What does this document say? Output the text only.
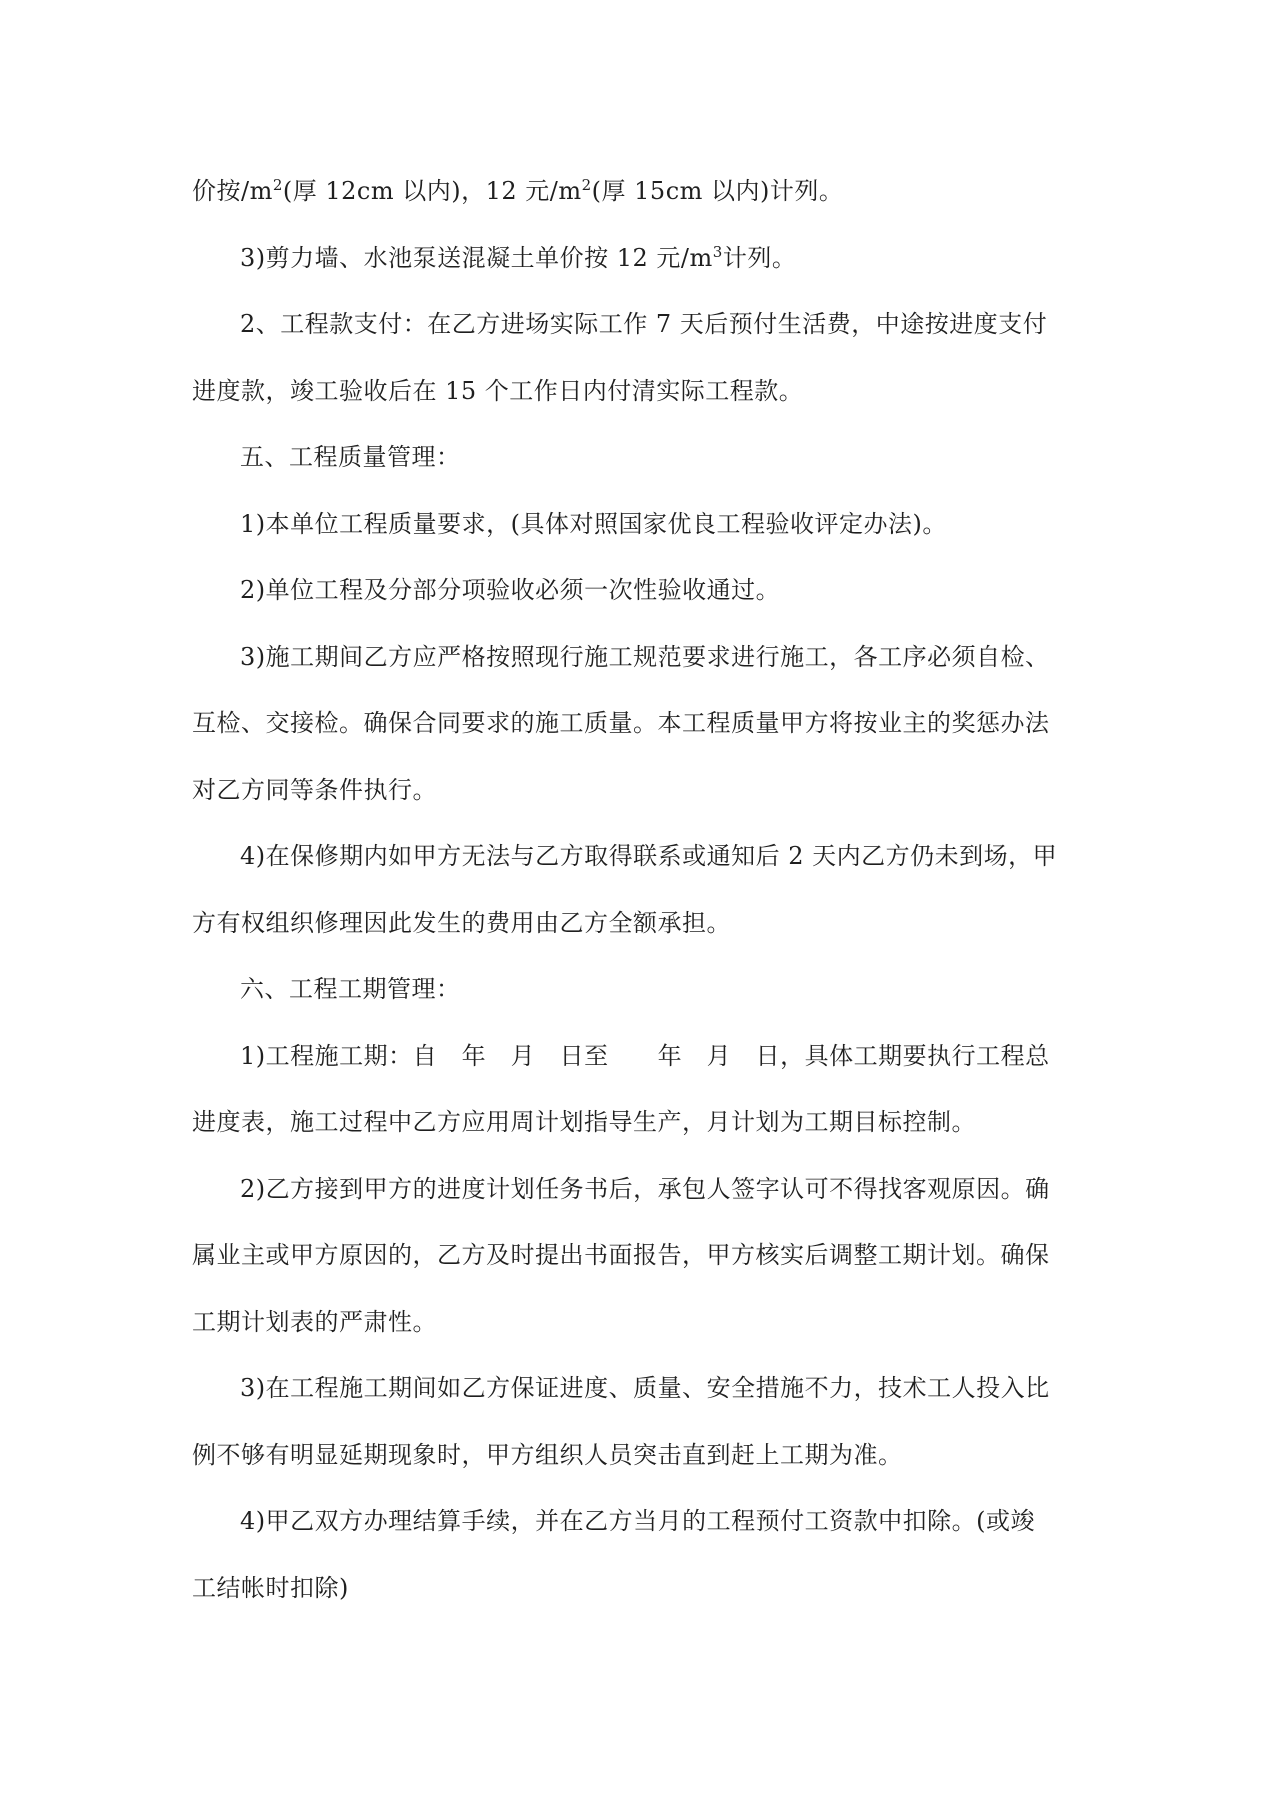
价按$/m^2$(厚 12cm 以内)，12 元$/m^2$(厚 15cm 以内)计列。
3)剪力墙、水池泵送混凝土单价按 12 元$/m^3$计列。
2、工程款支付：在乙方进场实际工作 7 天后预付生活费，中途按进度支付
进度款，竣工验收后在 15 个工作日内付清实际工程款。
五、工程质量管理：
1)本单位工程质量要求，(具体对照国家优良工程验收评定办法)。
2)单位工程及分部分项验收必须一次性验收通过。
3)施工期间乙方应严格按照现行施工规范要求进行施工，各工序必须自检、
互检、交接检。确保合同要求的施工质量。本工程质量甲方将按业主的奖惩办法
对乙方同等条件执行。
4)在保修期内如甲方无法与乙方取得联系或通知后 2 天内乙方仍未到场，甲
方有权组织修理因此发生的费用由乙方全额承担。
六、工程工期管理：
1)工程施工期：自　年　月　日至　　年　月　日，具体工期要执行工程总
进度表，施工过程中乙方应用周计划指导生产，月计划为工期目标控制。
2)乙方接到甲方的进度计划任务书后，承包人签字认可不得找客观原因。确
属业主或甲方原因的，乙方及时提出书面报告，甲方核实后调整工期计划。确保
工期计划表的严肃性。
3)在工程施工期间如乙方保证进度、质量、安全措施不力，技术工人投入比
例不够有明显延期现象时，甲方组织人员突击直到赶上工期为准。
4)甲乙双方办理结算手续，并在乙方当月的工程预付工资款中扣除。(或竣
工结帐时扣除)
